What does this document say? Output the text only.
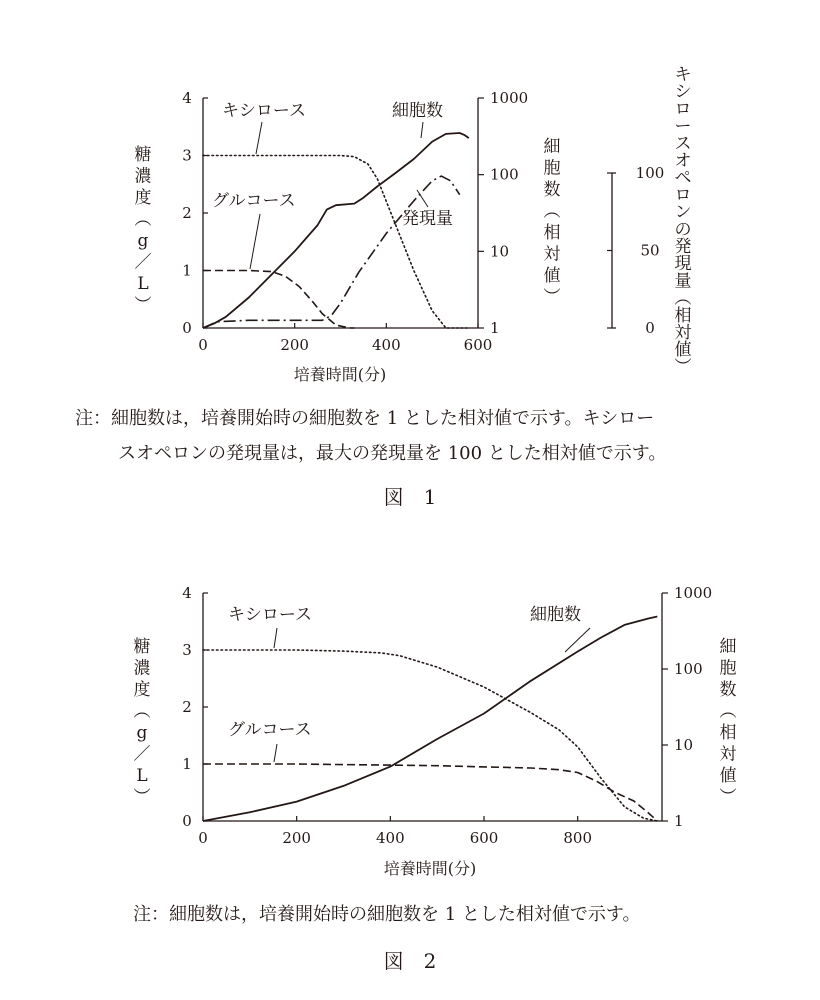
0	200	400	600
0
1
2
3
4
1
10
100
1000
0
50
100
培養時間(分)
キシロース	細胞数
グルコース
発現量
糖
濃
度
︵
g
／
L
︶
細
胞
数
︵
相
対
値
︶
キ
シ
ロ
ー
ス
オ
ペ
ロ
ン
の
発
現
量
︵
相
対
値
︶
注：細胞数は，培養開始時の細胞数を 1 とした相対値で示す。キシロー
スオペロンの発現量は，最大の発現量を 100 とした相対値で示す。
図　1
0	200	400	600	800
0
1
2
3
4
1
10
100
1000
培養時間(分)
キシロース	細胞数
グルコース
糖
濃
度
︵
g
／
L
︶
細
胞
数
︵
相
対
値
︶
注：細胞数は，培養開始時の細胞数を 1 とした相対値で示す。
図　2
